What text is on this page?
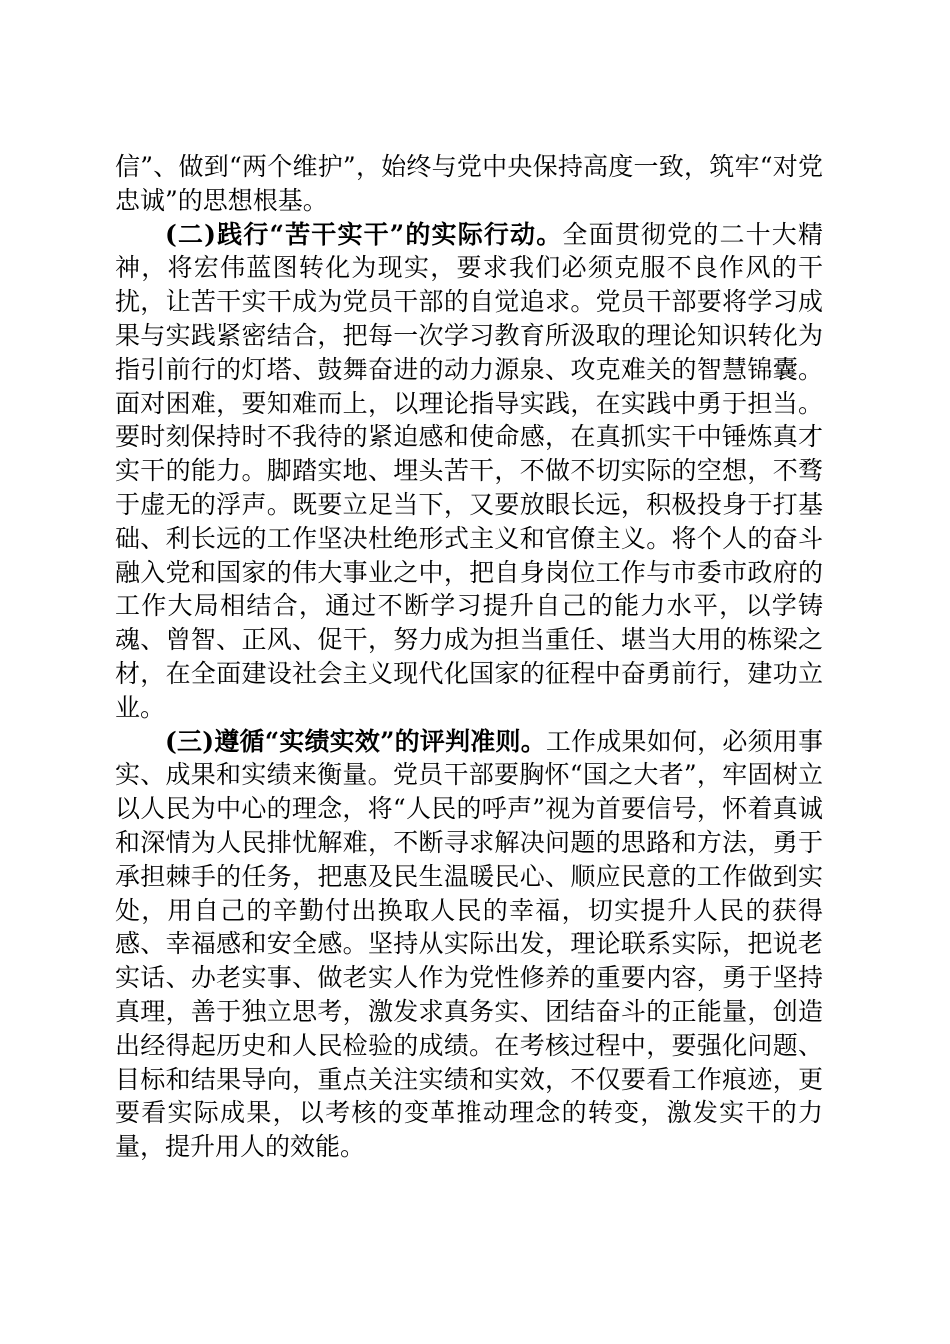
信”、做到“两个维护”，始终与党中央保持高度一致，筑牢“对党忠诚”的思想根基。

(二)践行“苦干实干”的实际行动。全面贯彻党的二十大精神，将宏伟蓝图转化为现实，要求我们必须克服不良作风的干扰，让苦干实干成为党员干部的自觉追求。党员干部要将学习成果与实践紧密结合，把每一次学习教育所汲取的理论知识转化为指引前行的灯塔、鼓舞奋进的动力源泉、攻克难关的智慧锦囊。面对困难，要知难而上，以理论指导实践，在实践中勇于担当。要时刻保持时不我待的紧迫感和使命感，在真抓实干中锤炼真才实干的能力。脚踏实地、埋头苦干，不做不切实际的空想，不骛于虚无的浮声。既要立足当下，又要放眼长远，积极投身于打基础、利长远的工作坚决杜绝形式主义和官僚主义。将个人的奋斗融入党和国家的伟大事业之中，把自身岗位工作与市委市政府的工作大局相结合，通过不断学习提升自己的能力水平，以学铸魂、曾智、正风、促干，努力成为担当重任、堪当大用的栋梁之材，在全面建设社会主义现代化国家的征程中奋勇前行，建功立业。

(三)遵循“实绩实效”的评判准则。工作成果如何，必须用事实、成果和实绩来衡量。党员干部要胸怀“国之大者”，牢固树立以人民为中心的理念，将“人民的呼声”视为首要信号，怀着真诚和深情为人民排忧解难，不断寻求解决问题的思路和方法，勇于承担棘手的任务，把惠及民生温暖民心、顺应民意的工作做到实处，用自己的辛勤付出换取人民的幸福，切实提升人民的获得感、幸福感和安全感。坚持从实际出发，理论联系实际，把说老实话、办老实事、做老实人作为党性修养的重要内容，勇于坚持真理，善于独立思考，激发求真务实、团结奋斗的正能量，创造出经得起历史和人民检验的成绩。在考核过程中，要强化问题、目标和结果导向，重点关注实绩和实效，不仅要看工作痕迹，更要看实际成果，以考核的变革推动理念的转变，激发实干的力量，提升用人的效能。
